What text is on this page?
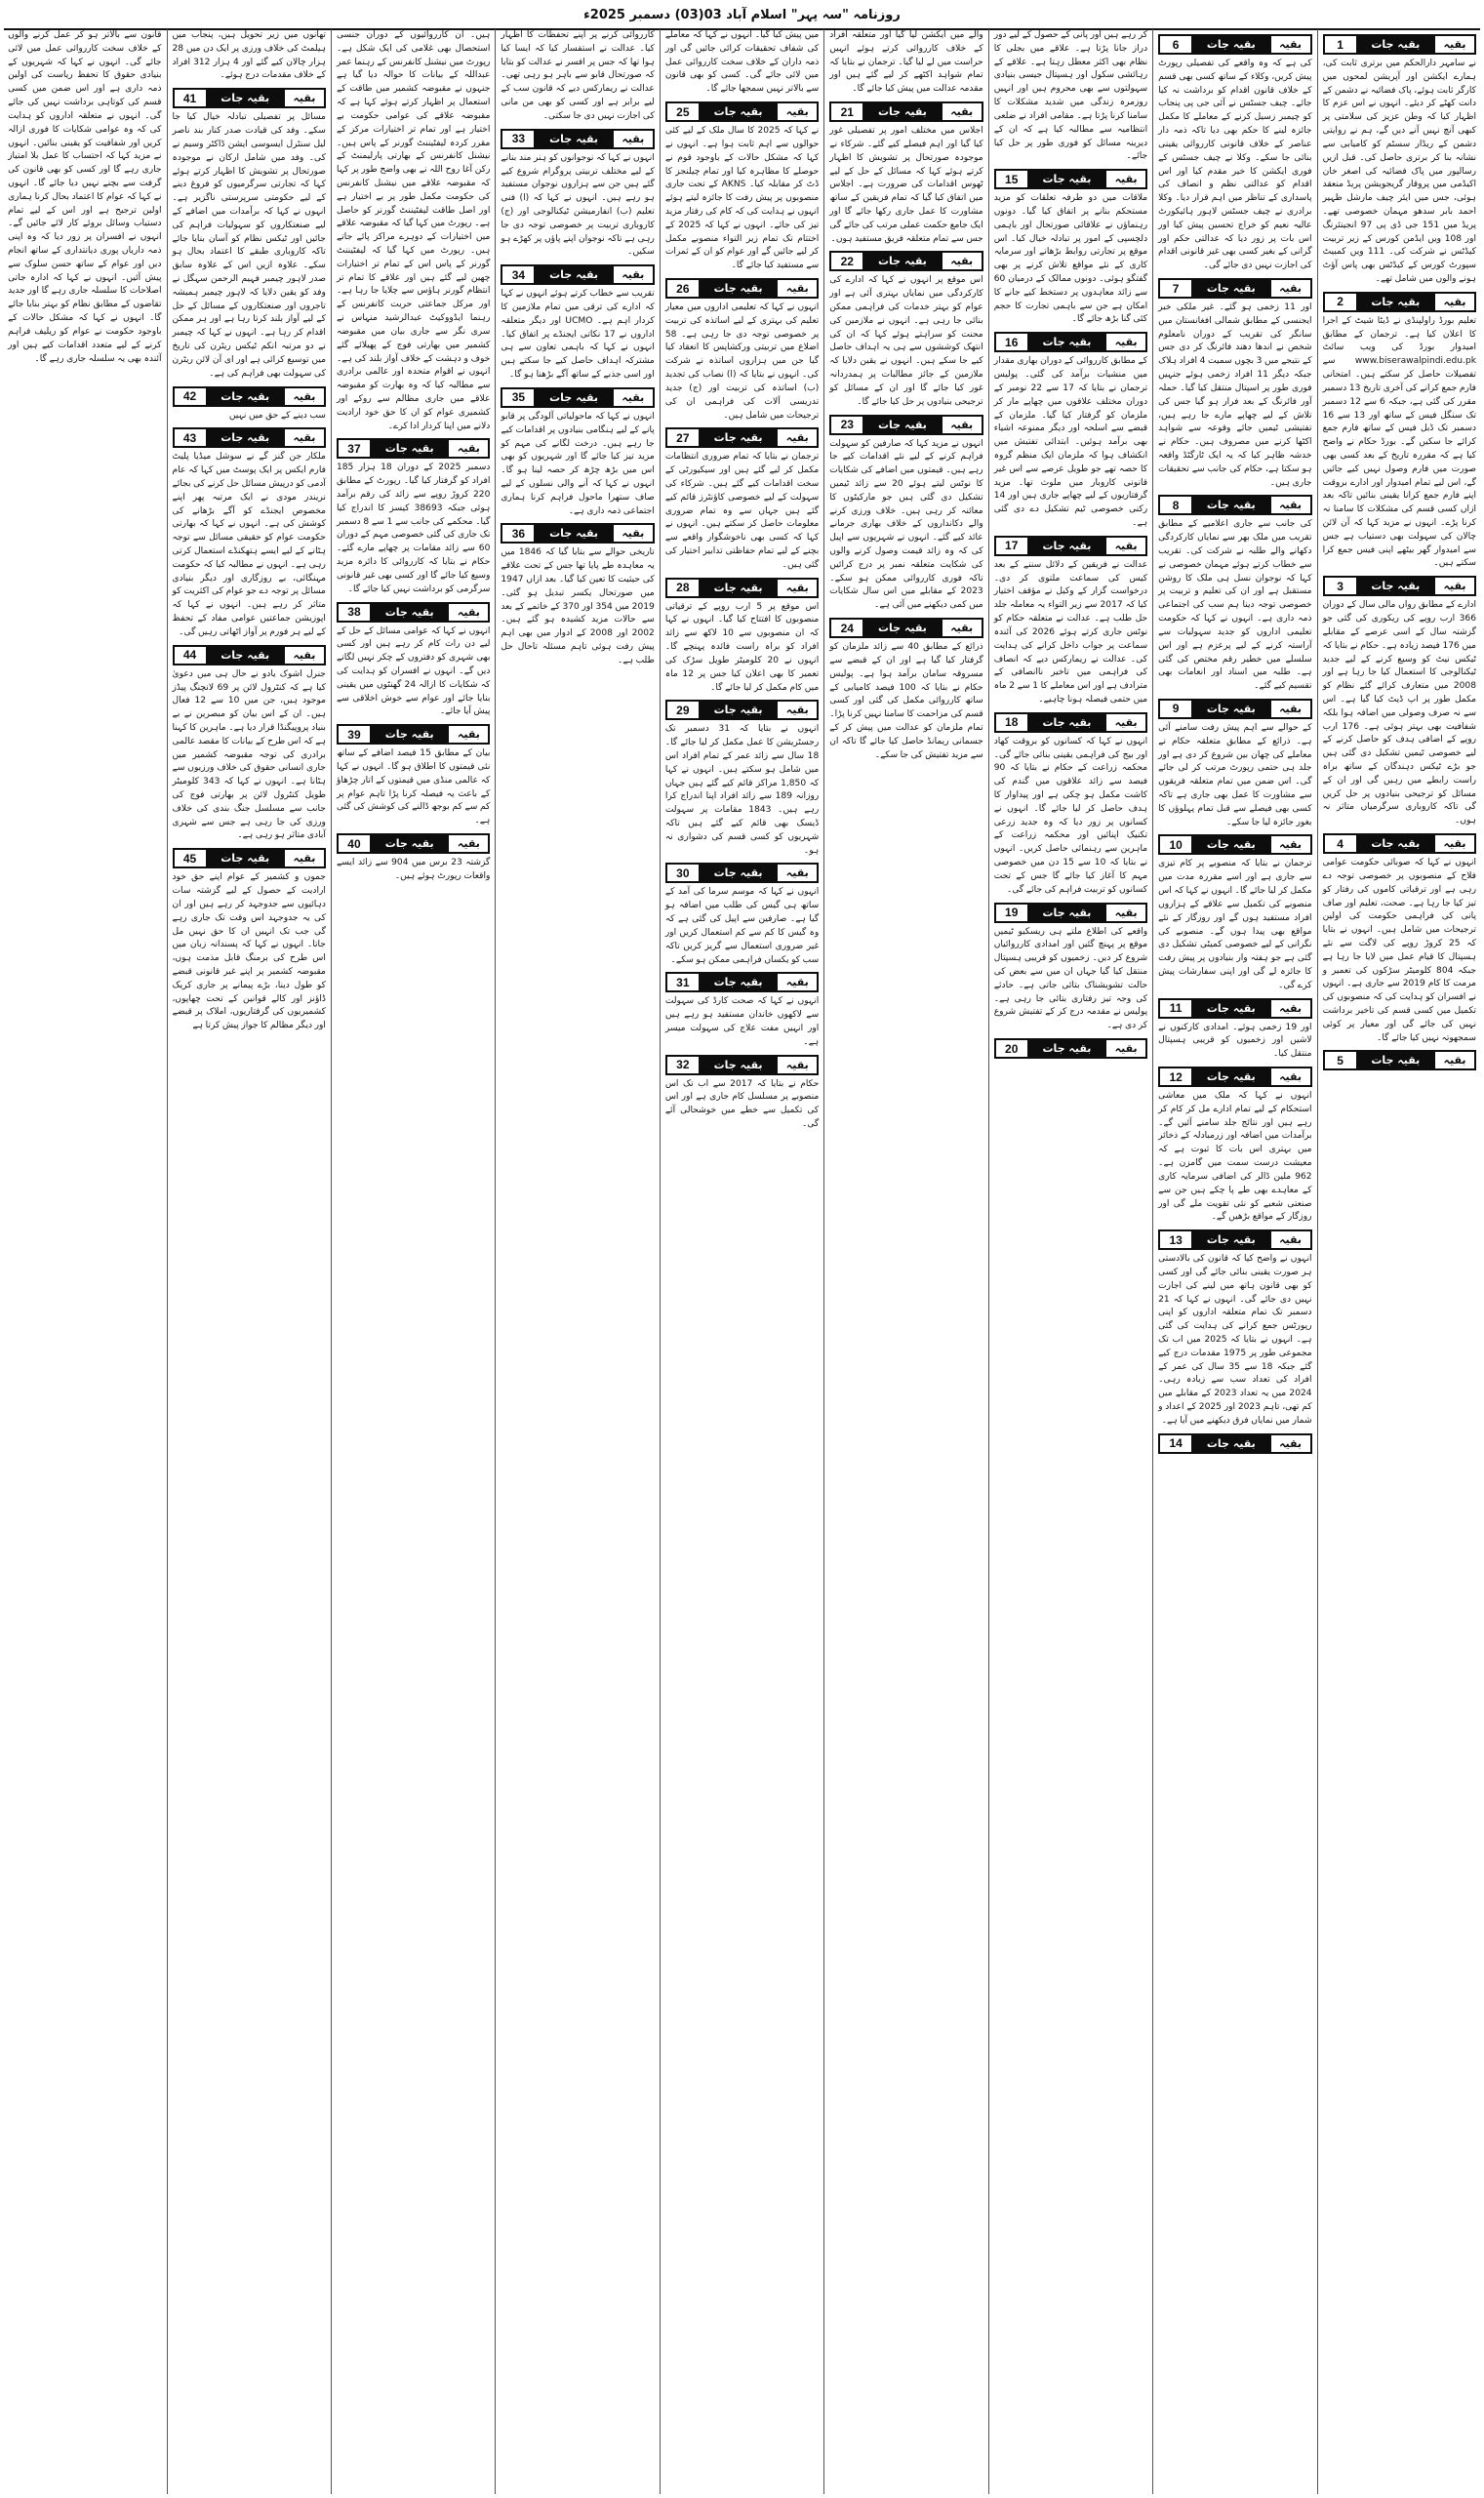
روزنامہ "سہ پہر" اسلام آباد 03(03) دسمبر 2025ء
بقیہ
بقیہ جات
1

نے سامہر دارالحکم میں برتری ثابت کی، ہمارے ایکشن اور آپریشن لمحوں میں کارگر ثابت ہوئے، پاک فضائیہ نے دشمن کے دانت کھٹے کر دیئے۔ انہوں نے اس عزم کا اظہار کیا کہ وطن عزیز کی سلامتی پر کبھی آنچ نہیں آنے دیں گے، ہم نے روایتی دشمن کے ریڈار سسٹم کو کامیابی سے نشانہ بنا کر برتری حاصل کی۔ قبل ازیں رسالپور میں پاک فضائیہ کی اصغر خان اکیڈمی میں پروقار گریجویشن پریڈ منعقد ہوئی، جس میں ایئر چیف مارشل ظہیر احمد بابر سدھو مہمان خصوصی تھے۔ پریڈ میں 151 جی ڈی پی 97 انجینئرنگ اور 108 ویں ایڈمن کورس کے زیر تربیت کیڈٹس نے شرکت کی۔ 111 ویں کمبیٹ سپورٹ کورس کے کیڈٹس بھی پاس آؤٹ ہونے والوں میں شامل تھے۔

بقیہ
بقیہ جات
2

تعلیم بورڈ راولپنڈی نے ڈیٹا شیٹ کے اجرا کا اعلان کیا ہے۔ ترجمان کے مطابق امیدوار بورڈ کی ویب سائٹ www.biserawalpindi.edu.pk سے تفصیلات حاصل کر سکتے ہیں۔ امتحانی فارم جمع کرانے کی آخری تاریخ 13 دسمبر مقرر کی گئی ہے، جبکہ 6 سے 12 دسمبر تک سنگل فیس کے ساتھ اور 13 سے 16 دسمبر تک ڈبل فیس کے ساتھ فارم جمع کرائے جا سکیں گے۔ بورڈ حکام نے واضح کیا ہے کہ مقررہ تاریخ کے بعد کسی بھی صورت میں فارم وصول نہیں کیے جائیں گے، اس لیے تمام امیدوار اور ادارے بروقت اپنے فارم جمع کرانا یقینی بنائیں تاکہ بعد ازاں کسی قسم کی مشکلات کا سامنا نہ کرنا پڑے۔ انہوں نے مزید کہا کہ آن لائن چالان کی سہولت بھی دستیاب ہے جس سے امیدوار گھر بیٹھے اپنی فیس جمع کرا سکتے ہیں۔

بقیہ
بقیہ جات
3

ادارے کے مطابق رواں مالی سال کے دوران 366 ارب روپے کی ریکوری کی گئی جو گزشتہ سال کے اسی عرصے کے مقابلے میں 176 فیصد زیادہ ہے۔ حکام نے بتایا کہ ٹیکس نیٹ کو وسیع کرنے کے لیے جدید ٹیکنالوجی کا استعمال کیا جا رہا ہے اور 2008 میں متعارف کرائے گئے نظام کو مکمل طور پر اپ ڈیٹ کیا گیا ہے۔ اس سے نہ صرف وصولی میں اضافہ ہوا بلکہ شفافیت بھی بہتر ہوئی ہے۔ 176 ارب روپے کے اضافی ہدف کو حاصل کرنے کے لیے خصوصی ٹیمیں تشکیل دی گئی ہیں جو بڑے ٹیکس دہندگان کے ساتھ براہ راست رابطے میں رہیں گی اور ان کے مسائل کو ترجیحی بنیادوں پر حل کریں گی تاکہ کاروباری سرگرمیاں متاثر نہ ہوں۔

بقیہ
بقیہ جات
4

انہوں نے کہا کہ صوبائی حکومت عوامی فلاح کے منصوبوں پر خصوصی توجہ دے رہی ہے اور ترقیاتی کاموں کی رفتار کو تیز کیا جا رہا ہے۔ صحت، تعلیم اور صاف پانی کی فراہمی حکومت کی اولین ترجیحات میں شامل ہیں۔ انہوں نے بتایا کہ 25 کروڑ روپے کی لاگت سے نئے ہسپتال کا قیام عمل میں لایا جا رہا ہے جبکہ 804 کلومیٹر سڑکوں کی تعمیر و مرمت کا کام 2019 سے جاری ہے۔ انہوں نے افسران کو ہدایت کی کہ منصوبوں کی تکمیل میں کسی قسم کی تاخیر برداشت نہیں کی جائے گی اور معیار پر کوئی سمجھوتہ نہیں کیا جائے گا۔

بقیہ
بقیہ جات
5
بقیہ
بقیہ جات
6

کی ہے کہ وہ واقعے کی تفصیلی رپورٹ پیش کریں، وکلاء کے ساتھ کسی بھی قسم کے خلاف قانون اقدام کو برداشت نہ کیا جائے۔ چیف جسٹس نے آئی جی پی پنجاب کو چیمبر زسیل کرنے کے معاملے کا مکمل جائزہ لینے کا حکم بھی دیا تاکہ ذمہ دار عناصر کے خلاف قانونی کارروائی یقینی بنائی جا سکے۔ وکلا نے چیف جسٹس کے فوری ایکشن کا خیر مقدم کیا اور اس اقدام کو عدالتی نظم و انصاف کی پاسداری کے تناظر میں اہم قرار دیا۔ وکلا برادری نے چیف جسٹس لاہور ہائیکورٹ عالیہ نعیم کو خراج تحسین پیش کیا اور اس بات پر زور دیا کہ عدالتی حکم اور گرانی کے بغیر کسی بھی غیر قانونی اقدام کی اجازت نہیں دی جائے گی۔

بقیہ
بقیہ جات
7

اور 11 زخمی ہو گئے۔ غیر ملکی خبر ایجنسی کے مطابق شمالی افغانستان میں سانگر کی تقریب کے دوران نامعلوم شخص نے اندھا دھند فائرنگ کر دی جس کے نتیجے میں 3 بچوں سمیت 4 افراد ہلاک جبکہ دیگر 11 افراد زخمی ہوئے جنہیں فوری طور پر اسپتال منتقل کیا گیا۔ حملہ آور فائرنگ کے بعد فرار ہو گیا جس کی تلاش کے لیے چھاپے مارے جا رہے ہیں، تفتیشی ٹیمیں جائے وقوعہ سے شواہد اکٹھا کرنے میں مصروف ہیں۔ حکام نے خدشہ ظاہر کیا کہ یہ ایک ٹارگٹڈ واقعہ ہو سکتا ہے، حکام کی جانب سے تحقیقات جاری ہیں۔

بقیہ
بقیہ جات
8

کی جانب سے جاری اعلامیے کے مطابق تقریب میں ملک بھر سے نمایاں کارکردگی دکھانے والے طلبہ نے شرکت کی۔ تقریب سے خطاب کرتے ہوئے مہمان خصوصی نے کہا کہ نوجوان نسل ہی ملک کا روشن مستقبل ہے اور ان کی تعلیم و تربیت پر خصوصی توجہ دینا ہم سب کی اجتماعی ذمہ داری ہے۔ انہوں نے کہا کہ حکومت تعلیمی اداروں کو جدید سہولیات سے آراستہ کرنے کے لیے پرعزم ہے اور اس سلسلے میں خطیر رقم مختص کی گئی ہے۔ طلبہ میں اسناد اور انعامات بھی تقسیم کیے گئے۔

بقیہ
بقیہ جات
9

کے حوالے سے اہم پیش رفت سامنے آئی ہے۔ ذرائع کے مطابق متعلقہ حکام نے معاملے کی چھان بین شروع کر دی ہے اور جلد ہی حتمی رپورٹ مرتب کر لی جائے گی۔ اس ضمن میں تمام متعلقہ فریقوں سے مشاورت کا عمل بھی جاری ہے تاکہ کسی بھی فیصلے سے قبل تمام پہلوؤں کا بغور جائزہ لیا جا سکے۔

بقیہ
بقیہ جات
10

ترجمان نے بتایا کہ منصوبے پر کام تیزی سے جاری ہے اور اسے مقررہ مدت میں مکمل کر لیا جائے گا۔ انہوں نے کہا کہ اس منصوبے کی تکمیل سے علاقے کے ہزاروں افراد مستفید ہوں گے اور روزگار کے نئے مواقع بھی پیدا ہوں گے۔ منصوبے کی نگرانی کے لیے خصوصی کمیٹی تشکیل دی گئی ہے جو ہفتہ وار بنیادوں پر پیش رفت کا جائزہ لے گی اور اپنی سفارشات پیش کرے گی۔

بقیہ
بقیہ جات
11

اور 19 زخمی ہوئے۔ امدادی کارکنوں نے لاشیں اور زخمیوں کو قریبی ہسپتال منتقل کیا۔

بقیہ
بقیہ جات
12

انہوں نے کہا کہ ملک میں معاشی استحکام کے لیے تمام ادارے مل کر کام کر رہے ہیں اور نتائج جلد سامنے آئیں گے۔ برآمدات میں اضافہ اور زرمبادلہ کے ذخائر میں بہتری اس بات کا ثبوت ہے کہ معیشت درست سمت میں گامزن ہے۔ 962 ملین ڈالر کی اضافی سرمایہ کاری کے معاہدے بھی طے پا چکے ہیں جن سے صنعتی شعبے کو نئی تقویت ملے گی اور روزگار کے مواقع بڑھیں گے۔

بقیہ
بقیہ جات
13

انہوں نے واضح کیا کہ قانون کی بالادستی ہر صورت یقینی بنائی جائے گی اور کسی کو بھی قانون ہاتھ میں لینے کی اجازت نہیں دی جائے گی۔ انہوں نے کہا کہ 21 دسمبر تک تمام متعلقہ اداروں کو اپنی رپورٹس جمع کرانے کی ہدایت کی گئی ہے۔ انہوں نے بتایا کہ 2025 میں اب تک مجموعی طور پر 1975 مقدمات درج کیے گئے جبکہ 18 سے 35 سال کی عمر کے افراد کی تعداد سب سے زیادہ رہی۔ 2024 میں یہ تعداد 2023 کے مقابلے میں کم تھی، تاہم 2023 اور 2025 کے اعداد و شمار میں نمایاں فرق دیکھنے میں آیا ہے۔

بقیہ
بقیہ جات
14

کر رہے ہیں اور پانی کے حصول کے لیے دور دراز جانا پڑتا ہے۔ علاقے میں بجلی کا نظام بھی اکثر معطل رہتا ہے۔ علاقے کے رہائشی سکول اور ہسپتال جیسی بنیادی سہولتوں سے بھی محروم ہیں اور انہیں روزمرہ زندگی میں شدید مشکلات کا سامنا کرنا پڑتا ہے۔ مقامی افراد نے ضلعی انتظامیہ سے مطالبہ کیا ہے کہ ان کے دیرینہ مسائل کو فوری طور پر حل کیا جائے۔

بقیہ
بقیہ جات
15

ملاقات میں دو طرفہ تعلقات کو مزید مستحکم بنانے پر اتفاق کیا گیا۔ دونوں رہنماؤں نے علاقائی صورتحال اور باہمی دلچسپی کے امور پر تبادلہ خیال کیا۔ اس موقع پر تجارتی روابط بڑھانے اور سرمایہ کاری کے نئے مواقع تلاش کرنے پر بھی گفتگو ہوئی۔ دونوں ممالک کے درمیان 60 سے زائد معاہدوں پر دستخط کیے جانے کا امکان ہے جن سے باہمی تجارت کا حجم کئی گنا بڑھ جائے گا۔

بقیہ
بقیہ جات
16

کے مطابق کارروائی کے دوران بھاری مقدار میں منشیات برآمد کی گئی۔ پولیس ترجمان نے بتایا کہ 17 سے 22 نومبر کے دوران مختلف علاقوں میں چھاپے مار کر ملزمان کو گرفتار کیا گیا۔ ملزمان کے قبضے سے اسلحہ اور دیگر ممنوعہ اشیاء بھی برآمد ہوئیں۔ ابتدائی تفتیش میں انکشاف ہوا کہ ملزمان ایک منظم گروہ کا حصہ تھے جو طویل عرصے سے اس غیر قانونی کاروبار میں ملوث تھا۔ مزید گرفتاریوں کے لیے چھاپے جاری ہیں اور 14 رکنی خصوصی ٹیم تشکیل دے دی گئی ہے۔

بقیہ
بقیہ جات
17

عدالت نے فریقین کے دلائل سننے کے بعد کیس کی سماعت ملتوی کر دی۔ درخواست گزار کے وکیل نے مؤقف اختیار کیا کہ 2017 سے زیر التواء یہ معاملہ جلد حل طلب ہے۔ عدالت نے متعلقہ حکام کو نوٹس جاری کرتے ہوئے 2026 کی آئندہ سماعت پر جواب داخل کرانے کی ہدایت کی۔ عدالت نے ریمارکس دیے کہ انصاف کی فراہمی میں تاخیر ناانصافی کے مترادف ہے اور اس معاملے کا 1 سے 2 ماہ میں حتمی فیصلہ ہونا چاہیے۔

بقیہ
بقیہ جات
18

انہوں نے کہا کہ کسانوں کو بروقت کھاد اور بیج کی فراہمی یقینی بنائی جائے گی۔ محکمہ زراعت کے حکام نے بتایا کہ 90 فیصد سے زائد علاقوں میں گندم کی کاشت مکمل ہو چکی ہے اور پیداوار کا ہدف حاصل کر لیا جائے گا۔ انہوں نے کسانوں پر زور دیا کہ وہ جدید زرعی تکنیک اپنائیں اور محکمہ زراعت کے ماہرین سے رہنمائی حاصل کریں۔ انہوں نے بتایا کہ 10 سے 15 دن میں خصوصی مہم کا آغاز کیا جائے گا جس کے تحت کسانوں کو تربیت فراہم کی جائے گی۔

بقیہ
بقیہ جات
19

واقعے کی اطلاع ملتے ہی ریسکیو ٹیمیں موقع پر پہنچ گئیں اور امدادی کارروائیاں شروع کر دیں۔ زخمیوں کو قریبی ہسپتال منتقل کیا گیا جہاں ان میں سے بعض کی حالت تشویشناک بتائی جاتی ہے۔ حادثے کی وجہ تیز رفتاری بتائی جا رہی ہے۔ پولیس نے مقدمہ درج کر کے تفتیش شروع کر دی ہے۔

بقیہ
بقیہ جات
20

والے میں ایکشن لیا گیا اور متعلقہ افراد کے خلاف کارروائی کرتے ہوئے انہیں حراست میں لے لیا گیا۔ ترجمان نے بتایا کہ تمام شواہد اکٹھے کر لیے گئے ہیں اور مقدمہ عدالت میں پیش کیا جائے گا۔

بقیہ
بقیہ جات
21

اجلاس میں مختلف امور پر تفصیلی غور کیا گیا اور اہم فیصلے کیے گئے۔ شرکاء نے موجودہ صورتحال پر تشویش کا اظہار کرتے ہوئے کہا کہ مسائل کے حل کے لیے ٹھوس اقدامات کی ضرورت ہے۔ اجلاس میں اتفاق کیا گیا کہ تمام فریقین کے ساتھ مشاورت کا عمل جاری رکھا جائے گا اور ایک جامع حکمت عملی مرتب کی جائے گی جس سے تمام متعلقہ فریق مستفید ہوں۔

بقیہ
بقیہ جات
22

اس موقع پر انہوں نے کہا کہ ادارے کی کارکردگی میں نمایاں بہتری آئی ہے اور عوام کو بہتر خدمات کی فراہمی ممکن بنائی جا رہی ہے۔ انہوں نے ملازمین کی محنت کو سراہتے ہوئے کہا کہ ان کی انتھک کوششوں سے ہی یہ اہداف حاصل کیے جا سکے ہیں۔ انہوں نے یقین دلایا کہ ملازمین کے جائز مطالبات پر ہمدردانہ غور کیا جائے گا اور ان کے مسائل کو ترجیحی بنیادوں پر حل کیا جائے گا۔

بقیہ
بقیہ جات
23

انہوں نے مزید کہا کہ صارفین کو سہولت فراہم کرنے کے لیے نئے اقدامات کیے جا رہے ہیں۔ قیمتوں میں اضافے کی شکایات کا نوٹس لیتے ہوئے 20 سے زائد ٹیمیں تشکیل دی گئی ہیں جو مارکیٹوں کا معائنہ کر رہی ہیں۔ خلاف ورزی کرنے والے دکانداروں کے خلاف بھاری جرمانے عائد کیے گئے۔ انہوں نے شہریوں سے اپیل کی کہ وہ زائد قیمت وصول کرنے والوں کی شکایت متعلقہ نمبر پر درج کرائیں تاکہ فوری کارروائی ممکن ہو سکے۔ 2023 کے مقابلے میں اس سال شکایات میں کمی دیکھنے میں آئی ہے۔

بقیہ
بقیہ جات
24

ذرائع کے مطابق 40 سے زائد ملزمان کو گرفتار کیا گیا ہے اور ان کے قبضے سے مسروقہ سامان برآمد ہوا ہے۔ پولیس حکام نے بتایا کہ 100 فیصد کامیابی کے ساتھ کارروائی مکمل کی گئی اور کسی قسم کی مزاحمت کا سامنا نہیں کرنا پڑا۔ تمام ملزمان کو عدالت میں پیش کر کے جسمانی ریمانڈ حاصل کیا جائے گا تاکہ ان سے مزید تفتیش کی جا سکے۔

میں پیش کیا گیا۔ انہوں نے کہا کہ معاملے کی شفاف تحقیقات کرائی جائیں گی اور ذمہ داران کے خلاف سخت کارروائی عمل میں لائی جائے گی۔ کسی کو بھی قانون سے بالاتر نہیں سمجھا جائے گا۔

بقیہ
بقیہ جات
25

نے کہا کہ 2025 کا سال ملک کے لیے کئی حوالوں سے اہم ثابت ہوا ہے۔ انہوں نے کہا کہ مشکل حالات کے باوجود قوم نے حوصلے کا مظاہرہ کیا اور تمام چیلنجز کا ڈٹ کر مقابلہ کیا۔ AKNS کے تحت جاری منصوبوں پر پیش رفت کا جائزہ لیتے ہوئے انہوں نے ہدایت کی کہ کام کی رفتار مزید تیز کی جائے۔ انہوں نے کہا کہ 2025 کے اختتام تک تمام زیر التواء منصوبے مکمل کر لیے جائیں گے اور عوام کو ان کے ثمرات سے مستفید کیا جائے گا۔

بقیہ
بقیہ جات
26

انہوں نے کہا کہ تعلیمی اداروں میں معیار تعلیم کی بہتری کے لیے اساتذہ کی تربیت پر خصوصی توجہ دی جا رہی ہے۔ 58 اضلاع میں تربیتی ورکشاپس کا انعقاد کیا گیا جن میں ہزاروں اساتذہ نے شرکت کی۔ انہوں نے بتایا کہ (ا) نصاب کی تجدید (ب) اساتذہ کی تربیت اور (ج) جدید تدریسی آلات کی فراہمی ان کی ترجیحات میں شامل ہیں۔

بقیہ
بقیہ جات
27

ترجمان نے بتایا کہ تمام ضروری انتظامات مکمل کر لیے گئے ہیں اور سیکیورٹی کے سخت اقدامات کیے گئے ہیں۔ شرکاء کی سہولت کے لیے خصوصی کاؤنٹرز قائم کیے گئے ہیں جہاں سے وہ تمام ضروری معلومات حاصل کر سکتے ہیں۔ انہوں نے کہا کہ کسی بھی ناخوشگوار واقعے سے بچنے کے لیے تمام حفاظتی تدابیر اختیار کی گئی ہیں۔

بقیہ
بقیہ جات
28

اس موقع پر 5 ارب روپے کے ترقیاتی منصوبوں کا افتتاح کیا گیا۔ انہوں نے کہا کہ ان منصوبوں سے 10 لاکھ سے زائد افراد کو براہ راست فائدہ پہنچے گا۔ انہوں نے 20 کلومیٹر طویل سڑک کی تعمیر کا بھی اعلان کیا جس پر 12 ماہ میں کام مکمل کر لیا جائے گا۔

بقیہ
بقیہ جات
29

انہوں نے بتایا کہ 31 دسمبر تک رجسٹریشن کا عمل مکمل کر لیا جائے گا۔ 18 سال سے زائد عمر کے تمام افراد اس میں شامل ہو سکتے ہیں۔ انہوں نے کہا کہ 1,850 مراکز قائم کیے گئے ہیں جہاں روزانہ 189 سے زائد افراد اپنا اندراج کرا رہے ہیں۔ 1843 مقامات پر سہولت ڈیسک بھی قائم کیے گئے ہیں تاکہ شہریوں کو کسی قسم کی دشواری نہ ہو۔

بقیہ
بقیہ جات
30

انہوں نے کہا کہ موسم سرما کی آمد کے ساتھ ہی گیس کی طلب میں اضافہ ہو گیا ہے۔ صارفین سے اپیل کی گئی ہے کہ وہ گیس کا کم سے کم استعمال کریں اور غیر ضروری استعمال سے گریز کریں تاکہ سب کو یکساں فراہمی ممکن ہو سکے۔

بقیہ
بقیہ جات
31

انہوں نے کہا کہ صحت کارڈ کی سہولت سے لاکھوں خاندان مستفید ہو رہے ہیں اور انہیں مفت علاج کی سہولت میسر ہے۔

بقیہ
بقیہ جات
32

حکام نے بتایا کہ 2017 سے اب تک اس منصوبے پر مسلسل کام جاری ہے اور اس کی تکمیل سے خطے میں خوشحالی آئے گی۔

کارروائی کرنے پر اپنے تحفظات کا اظہار کیا۔ عدالت نے استفسار کیا کہ ایسا کیا ہوا تھا کہ جس پر افسر نے عدالت کو بتایا کہ صورتحال قابو سے باہر ہو رہی تھی۔ عدالت نے ریمارکس دیے کہ قانون سب کے لیے برابر ہے اور کسی کو بھی من مانی کی اجازت نہیں دی جا سکتی۔

بقیہ
بقیہ جات
33

انہوں نے کہا کہ نوجوانوں کو ہنر مند بنانے کے لیے مختلف تربیتی پروگرام شروع کیے گئے ہیں جن سے ہزاروں نوجوان مستفید ہو رہے ہیں۔ انہوں نے کہا کہ (ا) فنی تعلیم (ب) انفارمیشن ٹیکنالوجی اور (ج) کاروباری تربیت پر خصوصی توجہ دی جا رہی ہے تاکہ نوجوان اپنے پاؤں پر کھڑے ہو سکیں۔

بقیہ
بقیہ جات
34

تقریب سے خطاب کرتے ہوئے انہوں نے کہا کہ ادارے کی ترقی میں تمام ملازمین کا کردار اہم ہے۔ UCMO اور دیگر متعلقہ اداروں نے 17 نکاتی ایجنڈے پر اتفاق کیا۔ انہوں نے کہا کہ باہمی تعاون سے ہی مشترکہ اہداف حاصل کیے جا سکتے ہیں اور اسی جذبے کے ساتھ آگے بڑھنا ہو گا۔

بقیہ
بقیہ جات
35

انہوں نے کہا کہ ماحولیاتی آلودگی پر قابو پانے کے لیے ہنگامی بنیادوں پر اقدامات کیے جا رہے ہیں۔ درخت لگانے کی مہم کو مزید تیز کیا جائے گا اور شہریوں کو بھی اس میں بڑھ چڑھ کر حصہ لینا ہو گا۔ انہوں نے کہا کہ آنے والی نسلوں کے لیے صاف ستھرا ماحول فراہم کرنا ہماری اجتماعی ذمہ داری ہے۔

بقیہ
بقیہ جات
36

تاریخی حوالے سے بتایا گیا کہ 1846 میں یہ معاہدہ طے پایا تھا جس کے تحت علاقے کی حیثیت کا تعین کیا گیا۔ بعد ازاں 1947 میں صورتحال یکسر تبدیل ہو گئی۔ 2019 میں 354 اور 370 کے خاتمے کے بعد سے حالات مزید کشیدہ ہو گئے ہیں۔ 2002 اور 2008 کے ادوار میں بھی اہم پیش رفت ہوئی تاہم مسئلہ تاحال حل طلب ہے۔

ہیں۔ ان کارروائیوں کے دوران جنسی استحصال بھی غلامی کی ایک شکل ہے۔ رپورٹ میں نیشنل کانفرنس کے رہنما عمر عبداللہ کے بیانات کا حوالہ دیا گیا ہے جنہوں نے مقبوضہ کشمیر میں طاقت کے استعمال پر اظہار کرتے ہوئے کہا ہے کہ مقبوضہ علاقے کی عوامی حکومت بے اختیار ہے اور تمام تر اختیارات مرکز کے مقرر کردہ لیفٹیننٹ گورنر کے پاس ہیں۔ نیشنل کانفرنس کے بھارتی پارلیمنٹ کے رکن آغا روح اللہ نے بھی واضح طور پر کہا کہ مقبوضہ علاقے میں نیشنل کانفرنس کی حکومت مکمل طور پر بے اختیار ہے اور اصل طاقت لیفٹیننٹ گورنر کو حاصل ہے۔ رپورٹ میں کہا گیا کہ مقبوضہ علاقے میں اختیارات کے دوہرے مراکز پائے جاتے ہیں۔ رپورٹ میں کہا گیا کہ لیفٹیننٹ گورنر کے پاس اس کے تمام تر اختیارات چھین لیے گئے ہیں اور علاقے کا تمام تر انتظام گورنر ہاؤس سے چلایا جا رہا ہے۔ اور مرکل جماعتی حریت کانفرنس کے رہنما ایڈووکیٹ عبدالرشید منہاس نے سری نگر سے جاری بیان میں مقبوضہ کشمیر میں بھارتی فوج کے پھیلائے گئے خوف و دہشت کے خلاف آواز بلند کی ہے۔ انہوں نے اقوام متحدہ اور عالمی برادری سے مطالبہ کیا کہ وہ بھارت کو مقبوضہ علاقے میں جاری مظالم سے روکے اور کشمیری عوام کو ان کا حق خود ارادیت دلانے میں اپنا کردار ادا کرے۔

بقیہ
بقیہ جات
37

دسمبر 2025 کے دوران 18 ہزار 185 افراد کو گرفتار کیا گیا۔ رپورٹ کے مطابق 220 کروڑ روپے سے زائد کی رقم برآمد ہوئی جبکہ 38693 کیسز کا اندراج کیا گیا۔ محکمے کی جانب سے 1 سے 8 دسمبر تک جاری کی گئی خصوصی مہم کے دوران 60 سے زائد مقامات پر چھاپے مارے گئے۔ حکام نے بتایا کہ کارروائی کا دائرہ مزید وسیع کیا جائے گا اور کسی بھی غیر قانونی سرگرمی کو برداشت نہیں کیا جائے گا۔

بقیہ
بقیہ جات
38

انہوں نے کہا کہ عوامی مسائل کے حل کے لیے دن رات کام کر رہے ہیں اور کسی بھی شہری کو دفتروں کے چکر نہیں لگانے دیں گے۔ انہوں نے افسران کو ہدایت کی کہ شکایات کا ازالہ 24 گھنٹوں میں یقینی بنایا جائے اور عوام سے خوش اخلاقی سے پیش آیا جائے۔

بقیہ
بقیہ جات
39

بیان کے مطابق 15 فیصد اضافے کے ساتھ نئی قیمتوں کا اطلاق ہو گا۔ انہوں نے کہا کہ عالمی منڈی میں قیمتوں کے اتار چڑھاؤ کے باعث یہ فیصلہ کرنا پڑا تاہم عوام پر کم سے کم بوجھ ڈالنے کی کوشش کی گئی ہے۔

بقیہ
بقیہ جات
40

گزشتہ 23 برس میں 904 سے زائد ایسے واقعات رپورٹ ہوئے ہیں۔

تھانوں میں زیر تحویل ہیں، پنجاب میں ہیلمٹ کی خلاف ورزی پر ایک دن میں 28 ہزار چالان کیے گئے اور 4 ہزار 312 افراد کے خلاف مقدمات درج ہوئے۔

بقیہ
بقیہ جات
41

مسائل پر تفصیلی تبادلہ خیال کیا جا سکے۔ وفد کی قیادت صدر کنار بند ناصر لیل سنٹرل ایسوسی ایشن ڈاکٹر وسیم نے کی۔ وفد میں شامل ارکان نے موجودہ صورتحال پر تشویش کا اظہار کرتے ہوئے کہا کہ تجارتی سرگرمیوں کو فروغ دینے کے لیے حکومتی سرپرستی ناگزیر ہے۔ انہوں نے کہا کہ برآمدات میں اضافے کے لیے صنعتکاروں کو سہولیات فراہم کی جائیں اور ٹیکس نظام کو آسان بنایا جائے تاکہ کاروباری طبقے کا اعتماد بحال ہو سکے۔ علاوہ ازیں اس کے علاوہ سابق صدر لاہور چیمبر فہیم الرحمن سہگل نے وفد کو یقین دلایا کہ لاہور چیمبر ہمیشہ تاجروں اور صنعتکاروں کے مسائل کے حل کے لیے آواز بلند کرتا رہا ہے اور ہر ممکن اقدام کر رہا ہے۔ انہوں نے کہا کہ چیمبر نے دو مرتبہ انکم ٹیکس ریٹرن کی تاریخ میں توسیع کرائی ہے اور ای آن لائن ریٹرن کی سہولت بھی فراہم کی ہے۔

بقیہ
بقیہ جات
42

سب دینے کے حق میں نہیں

بقیہ
بقیہ جات
43

ملکار جن گنز گے نے سوشل میڈیا پلیٹ فارم ایکس پر ایک پوسٹ میں کہا کہ عام آدمی کو درپیش مسائل حل کرنے کی بجائے نریندر مودی نے ایک مرتبہ پھر اپنے مخصوص ایجنڈے کو آگے بڑھانے کی کوشش کی ہے۔ انہوں نے کہا کہ بھارتی حکومت عوام کو حقیقی مسائل سے توجہ ہٹانے کے لیے ایسے ہتھکنڈے استعمال کرتی رہی ہے۔ انہوں نے مطالبہ کیا کہ حکومت مہنگائی، بے روزگاری اور دیگر بنیادی مسائل پر توجہ دے جو عوام کی اکثریت کو متاثر کر رہے ہیں۔ انہوں نے کہا کہ اپوزیشن جماعتیں عوامی مفاد کے تحفظ کے لیے ہر فورم پر آواز اٹھاتی رہیں گی۔

بقیہ
بقیہ جات
44

جنرل اشوک یادو نے حال ہی میں دعویٰ کیا ہے کہ کنٹرول لائن پر 69 لانچنگ پیڈز موجود ہیں، جن میں 10 سے 12 فعال ہیں۔ ان کے اس بیان کو مبصرین نے بے بنیاد پروپیگنڈا قرار دیا ہے۔ ماہرین کا کہنا ہے کہ اس طرح کے بیانات کا مقصد عالمی برادری کی توجہ مقبوضہ کشمیر میں جاری انسانی حقوق کی خلاف ورزیوں سے ہٹانا ہے۔ انہوں نے کہا کہ 343 کلومیٹر طویل کنٹرول لائن پر بھارتی فوج کی جانب سے مسلسل جنگ بندی کی خلاف ورزی کی جا رہی ہے جس سے شہری آبادی متاثر ہو رہی ہے۔

بقیہ
بقیہ جات
45

جموں و کشمیر کے عوام اپنے حق خود ارادیت کے حصول کے لیے گزشتہ سات دہائیوں سے جدوجہد کر رہے ہیں اور ان کی یہ جدوجہد اس وقت تک جاری رہے گی جب تک انہیں ان کا حق نہیں مل جاتا۔ انہوں نے کہا کہ پسندانہ زبان میں اس طرح کی برمنگ قابل مذمت ہوں، مقبوضہ کشمیر پر اپنے غیر قانونی قبضے کو طول دینا، بڑے پیمانے پر جاری کریک ڈاؤنز اور کالے قوانین کے تحت چھاپوں، کشمیریوں کی گرفتاریوں، املاک پر قبضے اور دیگر مظالم کا جواز پیش کرتا ہے

قانون سے بالاتر ہو کر عمل کرنے والوں کے خلاف سخت کارروائی عمل میں لائی جائے گی۔ انہوں نے کہا کہ شہریوں کے بنیادی حقوق کا تحفظ ریاست کی اولین ذمہ داری ہے اور اس ضمن میں کسی قسم کی کوتاہی برداشت نہیں کی جائے گی۔ انہوں نے متعلقہ اداروں کو ہدایت کی کہ وہ عوامی شکایات کا فوری ازالہ کریں اور شفافیت کو یقینی بنائیں۔ انہوں نے مزید کہا کہ احتساب کا عمل بلا امتیاز جاری رہے گا اور کسی کو بھی قانون کی گرفت سے بچنے نہیں دیا جائے گا۔ انہوں نے کہا کہ عوام کا اعتماد بحال کرنا ہماری اولین ترجیح ہے اور اس کے لیے تمام دستیاب وسائل بروئے کار لائے جائیں گے۔ انہوں نے افسران پر زور دیا کہ وہ اپنی ذمہ داریاں پوری دیانتداری کے ساتھ انجام دیں اور عوام کے ساتھ حسن سلوک سے پیش آئیں۔ انہوں نے کہا کہ ادارہ جاتی اصلاحات کا سلسلہ جاری رہے گا اور جدید تقاضوں کے مطابق نظام کو بہتر بنایا جائے گا۔ انہوں نے کہا کہ مشکل حالات کے باوجود حکومت نے عوام کو ریلیف فراہم کرنے کے لیے متعدد اقدامات کیے ہیں اور آئندہ بھی یہ سلسلہ جاری رہے گا۔
